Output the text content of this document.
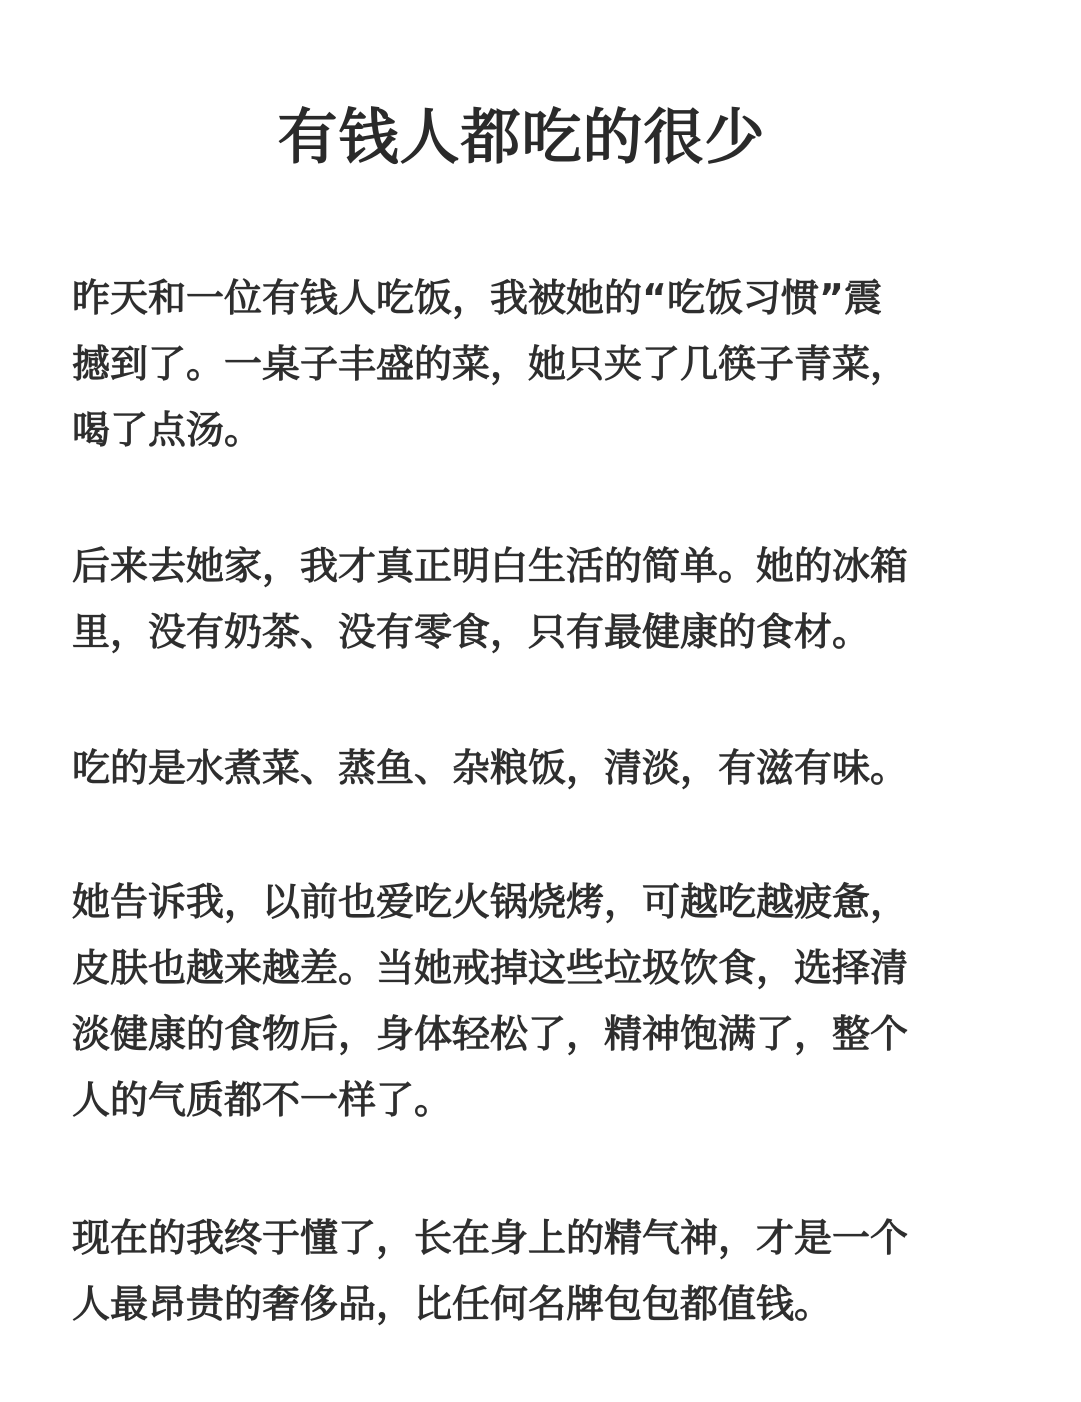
有钱人都吃的很少

昨天和一位有钱人吃饭，我被她的“吃饭习惯”震
撼到了。一桌子丰盛的菜，她只夹了几筷子青菜，
喝了点汤。

后来去她家，我才真正明白生活的简单。她的冰箱
里，没有奶茶、没有零食，只有最健康的食材。

吃的是水煮菜、蒸鱼、杂粮饭，清淡，有滋有味。

她告诉我，以前也爱吃火锅烧烤，可越吃越疲惫，
皮肤也越来越差。当她戒掉这些垃圾饮食，选择清
淡健康的食物后，身体轻松了，精神饱满了，整个
人的气质都不一样了。

现在的我终于懂了，长在身上的精气神，才是一个
人最昂贵的奢侈品，比任何名牌包包都值钱。
